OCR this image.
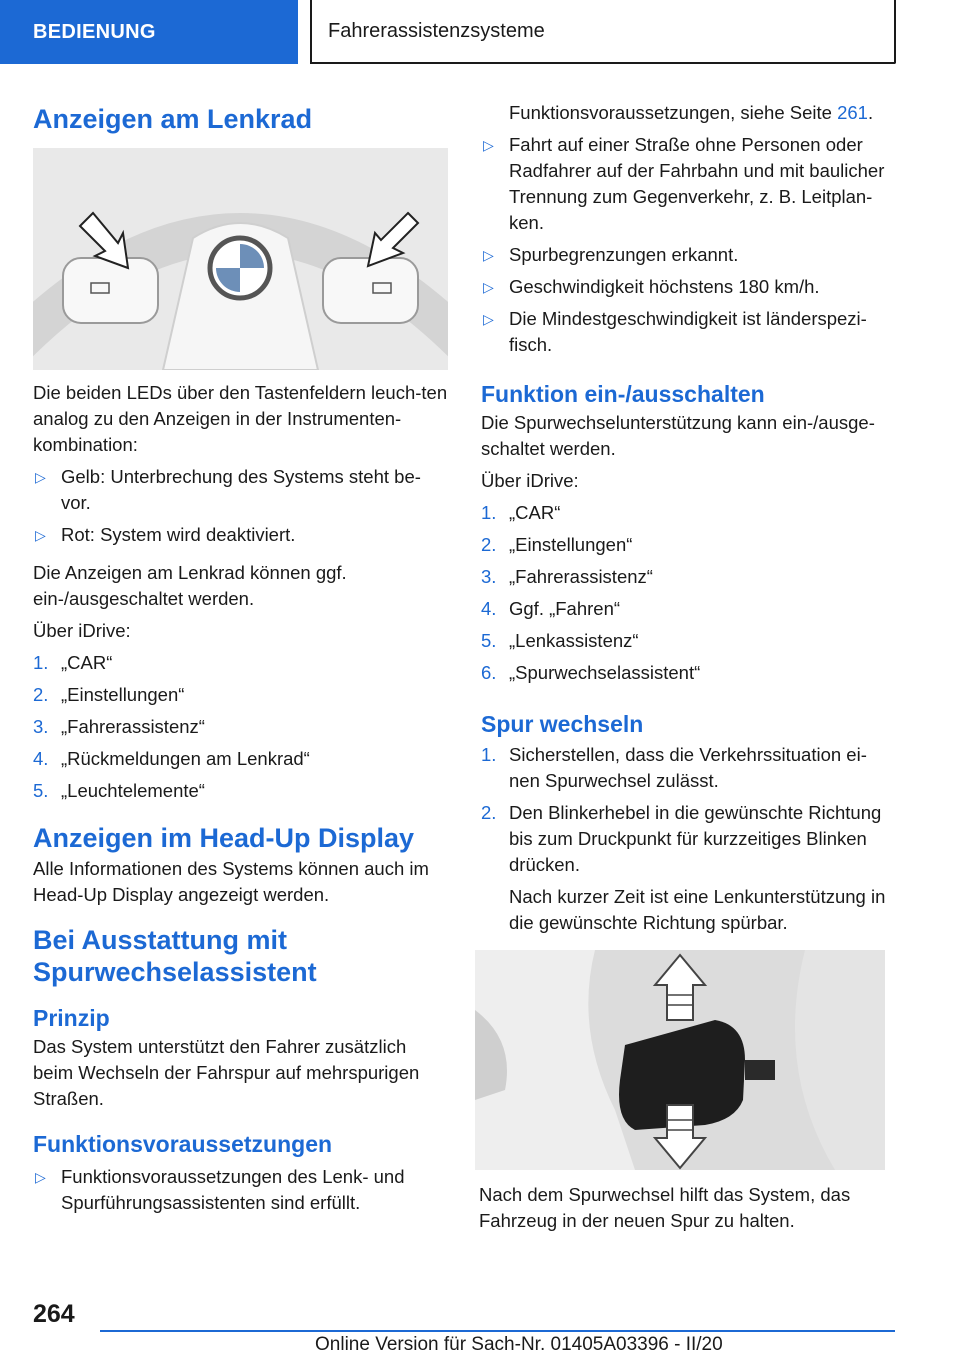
BEDIENUNG	Fahrerassistenzsysteme
Anzeigen am Lenkrad

Die beiden LEDs über den Tastenfeldern leuch-ten analog zu den Anzeigen in der Instrumenten-kombination:

▷ Gelb: Unterbrechung des Systems steht be-vor.
▷ Rot: System wird deaktiviert.

Die Anzeigen am Lenkrad können ggf. ein-/ausgeschaltet werden.

Über iDrive:

1. „CAR“
2. „Einstellungen“
3. „Fahrerassistenz“
4. „Rückmeldungen am Lenkrad“
5. „Leuchtelemente“
Anzeigen im Head-Up Display

Alle Informationen des Systems können auch im Head-Up Display angezeigt werden.

Bei Ausstattung mit Spurwechselassistent
Prinzip

Das System unterstützt den Fahrer zusätzlich beim Wechseln der Fahrspur auf mehrspurigen Straßen.

Funktionsvoraussetzungen
▷ Funktionsvoraussetzungen des Lenk- und Spurführungsassistenten sind erfüllt.

Funktionsvoraussetzungen, siehe Seite 261.

▷ Fahrt auf einer Straße ohne Personen oder Radfahrer auf der Fahrbahn und mit baulicher Trennung zum Gegenverkehr, z. B. Leitplan-ken.
▷ Spurbegrenzungen erkannt.
▷ Geschwindigkeit höchstens 180 km/h.
▷ Die Mindestgeschwindigkeit ist länderspezi-fisch.
Funktion ein-/ausschalten

Die Spurwechselunterstützung kann ein-/ausge-schaltet werden.

Über iDrive:

1. „CAR“
2. „Einstellungen“
3. „Fahrerassistenz“
4. Ggf. „Fahren“
5. „Lenkassistenz“
6. „Spurwechselassistent“
Spur wechseln
1. Sicherstellen, dass die Verkehrssituation ei-nen Spurwechsel zulässt.
2. Den Blinkerhebel in die gewünschte Richtung bis zum Druckpunkt für kurzzeitiges Blinken drücken.

Nach kurzer Zeit ist eine Lenkunterstützung in die gewünschte Richtung spürbar.

Nach dem Spurwechsel hilft das System, das Fahrzeug in der neuen Spur zu halten.

264
Online Version für Sach-Nr. 01405A03396 - II/20
